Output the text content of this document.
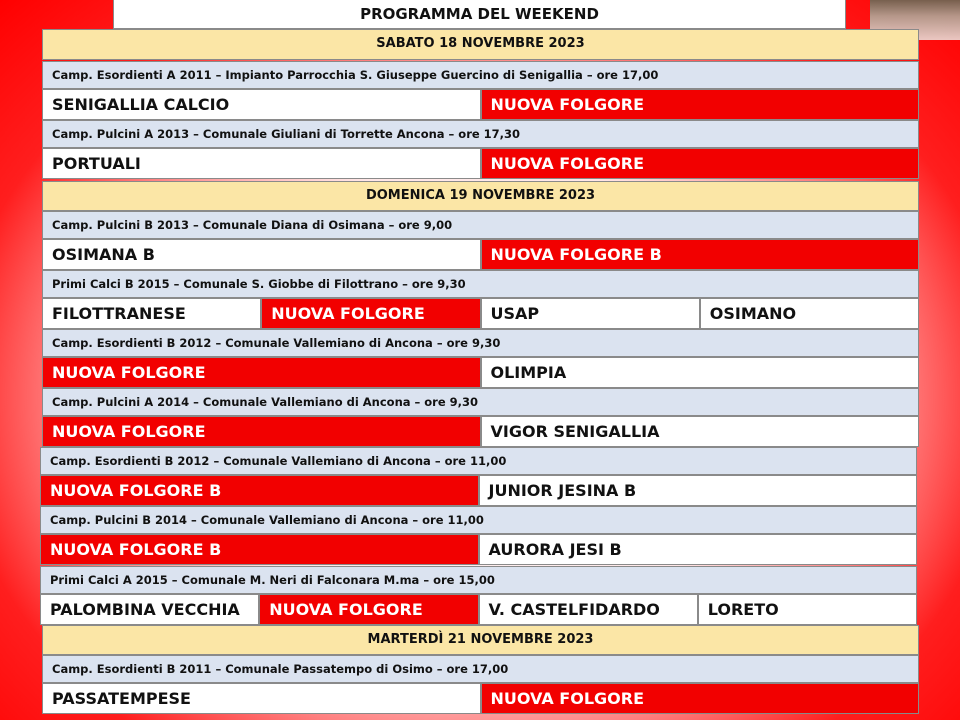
PROGRAMMA DEL WEEKEND
SABATO 18 NOVEMBRE 2023
Camp. Esordienti A 2011 – Impianto Parrocchia S. Giuseppe Guercino di Senigallia – ore 17,00
SENIGALLIA CALCIO	NUOVA FOLGORE
Camp. Pulcini A 2013 – Comunale Giuliani di Torrette Ancona – ore 17,30
PORTUALI	NUOVA FOLGORE
DOMENICA 19 NOVEMBRE 2023
Camp. Pulcini B 2013 – Comunale Diana di Osimana – ore 9,00
OSIMANA B	NUOVA FOLGORE B
Primi Calci B 2015 – Comunale S. Giobbe di Filottrano – ore 9,30
FILOTTRANESE	NUOVA FOLGORE	USAP	OSIMANO
Camp. Esordienti B 2012 – Comunale Vallemiano di Ancona – ore 9,30
NUOVA FOLGORE	OLIMPIA
Camp. Pulcini A 2014 – Comunale Vallemiano di Ancona – ore 9,30
NUOVA FOLGORE	VIGOR SENIGALLIA
Camp. Esordienti B 2012 – Comunale Vallemiano di Ancona – ore 11,00
NUOVA FOLGORE B	JUNIOR JESINA B
Camp. Pulcini B 2014 – Comunale Vallemiano di Ancona – ore 11,00
NUOVA FOLGORE B	AURORA JESI B
Primi Calci A 2015 – Comunale M. Neri di Falconara M.ma – ore 15,00
PALOMBINA VECCHIA	NUOVA FOLGORE	V. CASTELFIDARDO	LORETO
MARTERDÌ 21 NOVEMBRE 2023
Camp. Esordienti B 2011 – Comunale Passatempo di Osimo – ore 17,00
PASSATEMPESE	NUOVA FOLGORE
